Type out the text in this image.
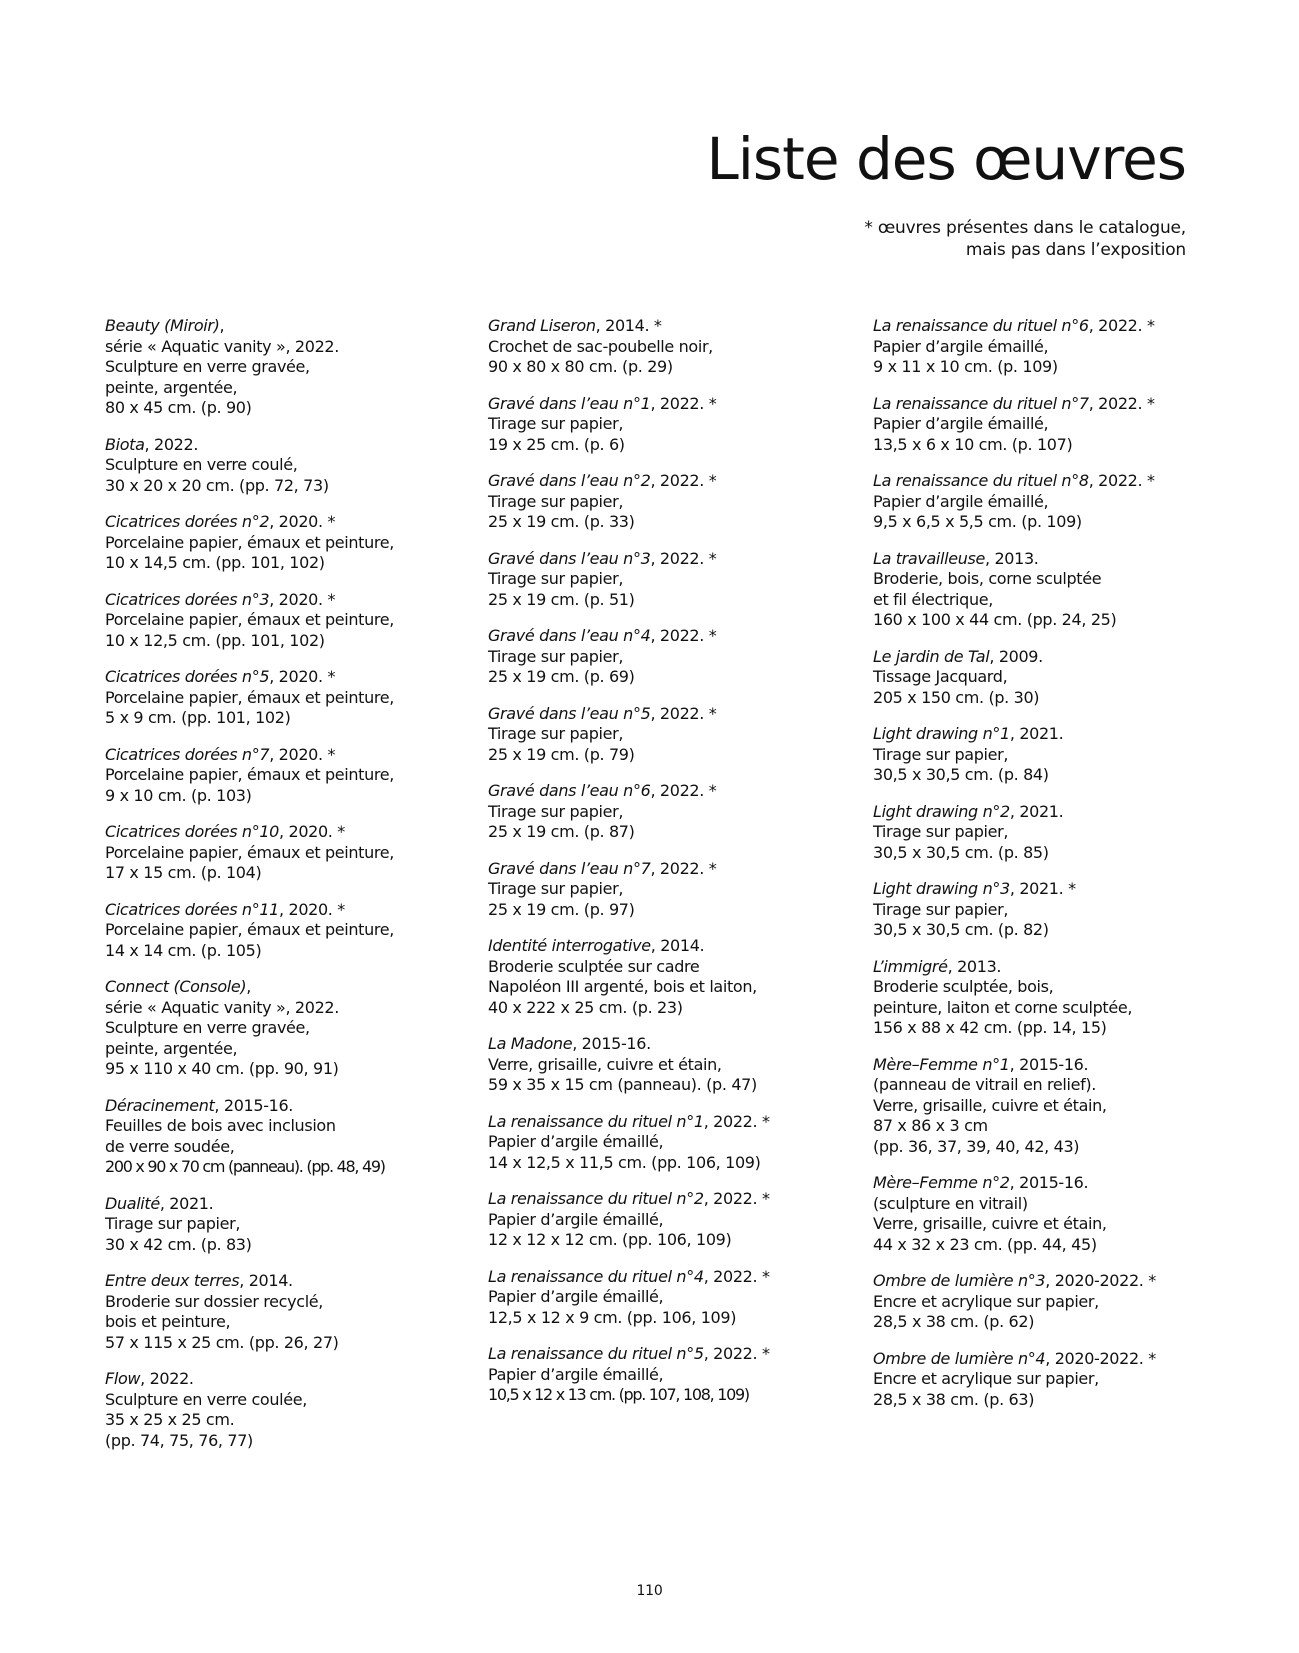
Liste des œuvres
* œuvres présentes dans le catalogue,
mais pas dans l’exposition
Beauty (Miroir),
série « Aquatic vanity », 2022.
Sculpture en verre gravée,
peinte, argentée,
80 x 45 cm. (p. 90)
Biota, 2022.
Sculpture en verre coulé,
30 x 20 x 20 cm. (pp. 72, 73)
Cicatrices dorées n°2, 2020. *
Porcelaine papier, émaux et peinture,
10 x 14,5 cm. (pp. 101, 102)
Cicatrices dorées n°3, 2020. *
Porcelaine papier, émaux et peinture,
10 x 12,5 cm. (pp. 101, 102)
Cicatrices dorées n°5, 2020. *
Porcelaine papier, émaux et peinture,
5 x 9 cm. (pp. 101, 102)
Cicatrices dorées n°7, 2020. *
Porcelaine papier, émaux et peinture,
9 x 10 cm. (p. 103)
Cicatrices dorées n°10, 2020. *
Porcelaine papier, émaux et peinture,
17 x 15 cm. (p. 104)
Cicatrices dorées n°11, 2020. *
Porcelaine papier, émaux et peinture,
14 x 14 cm. (p. 105)
Connect (Console),
série « Aquatic vanity », 2022.
Sculpture en verre gravée,
peinte, argentée,
95 x 110 x 40 cm. (pp. 90, 91)
Déracinement, 2015-16.
Feuilles de bois avec inclusion
de verre soudée,
200 x 90 x 70 cm (panneau). (pp. 48, 49)
Dualité, 2021.
Tirage sur papier,
30 x 42 cm. (p. 83)
Entre deux terres, 2014.
Broderie sur dossier recyclé,
bois et peinture,
57 x 115 x 25 cm. (pp. 26, 27)
Flow, 2022.
Sculpture en verre coulée,
35 x 25 x 25 cm.
(pp. 74, 75, 76, 77)
Grand Liseron, 2014. *
Crochet de sac-poubelle noir,
90 x 80 x 80 cm. (p. 29)
Gravé dans l’eau n°1, 2022. *
Tirage sur papier,
19 x 25 cm. (p. 6)
Gravé dans l’eau n°2, 2022. *
Tirage sur papier,
25 x 19 cm. (p. 33)
Gravé dans l’eau n°3, 2022. *
Tirage sur papier,
25 x 19 cm. (p. 51)
Gravé dans l’eau n°4, 2022. *
Tirage sur papier,
25 x 19 cm. (p. 69)
Gravé dans l’eau n°5, 2022. *
Tirage sur papier,
25 x 19 cm. (p. 79)
Gravé dans l’eau n°6, 2022. *
Tirage sur papier,
25 x 19 cm. (p. 87)
Gravé dans l’eau n°7, 2022. *
Tirage sur papier,
25 x 19 cm. (p. 97)
Identité interrogative, 2014.
Broderie sculptée sur cadre
Napoléon III argenté, bois et laiton,
40 x 222 x 25 cm. (p. 23)
La Madone, 2015-16.
Verre, grisaille, cuivre et étain,
59 x 35 x 15 cm (panneau). (p. 47)
La renaissance du rituel n°1, 2022. *
Papier d’argile émaillé,
14 x 12,5 x 11,5 cm. (pp. 106, 109)
La renaissance du rituel n°2, 2022. *
Papier d’argile émaillé,
12 x 12 x 12 cm. (pp. 106, 109)
La renaissance du rituel n°4, 2022. *
Papier d’argile émaillé,
12,5 x 12 x 9 cm. (pp. 106, 109)
La renaissance du rituel n°5, 2022. *
Papier d’argile émaillé,
10,5 x 12 x 13 cm. (pp. 107, 108, 109)
La renaissance du rituel n°6, 2022. *
Papier d’argile émaillé,
9 x 11 x 10 cm. (p. 109)
La renaissance du rituel n°7, 2022. *
Papier d’argile émaillé,
13,5 x 6 x 10 cm. (p. 107)
La renaissance du rituel n°8, 2022. *
Papier d’argile émaillé,
9,5 x 6,5 x 5,5 cm. (p. 109)
La travailleuse, 2013.
Broderie, bois, corne sculptée
et fil électrique,
160 x 100 x 44 cm. (pp. 24, 25)
Le jardin de Tal, 2009.
Tissage Jacquard,
205 x 150 cm. (p. 30)
Light drawing n°1, 2021.
Tirage sur papier,
30,5 x 30,5 cm. (p. 84)
Light drawing n°2, 2021.
Tirage sur papier,
30,5 x 30,5 cm. (p. 85)
Light drawing n°3, 2021. *
Tirage sur papier,
30,5 x 30,5 cm. (p. 82)
L’immigré, 2013.
Broderie sculptée, bois,
peinture, laiton et corne sculptée,
156 x 88 x 42 cm. (pp. 14, 15)
Mère–Femme n°1, 2015-16.
(panneau de vitrail en relief).
Verre, grisaille, cuivre et étain,
87 x 86 x 3 cm
(pp. 36, 37, 39, 40, 42, 43)
Mère–Femme n°2, 2015-16.
(sculpture en vitrail)
Verre, grisaille, cuivre et étain,
44 x 32 x 23 cm. (pp. 44, 45)
Ombre de lumière n°3, 2020-2022. *
Encre et acrylique sur papier,
28,5 x 38 cm. (p. 62)
Ombre de lumière n°4, 2020-2022. *
Encre et acrylique sur papier,
28,5 x 38 cm. (p. 63)
110
